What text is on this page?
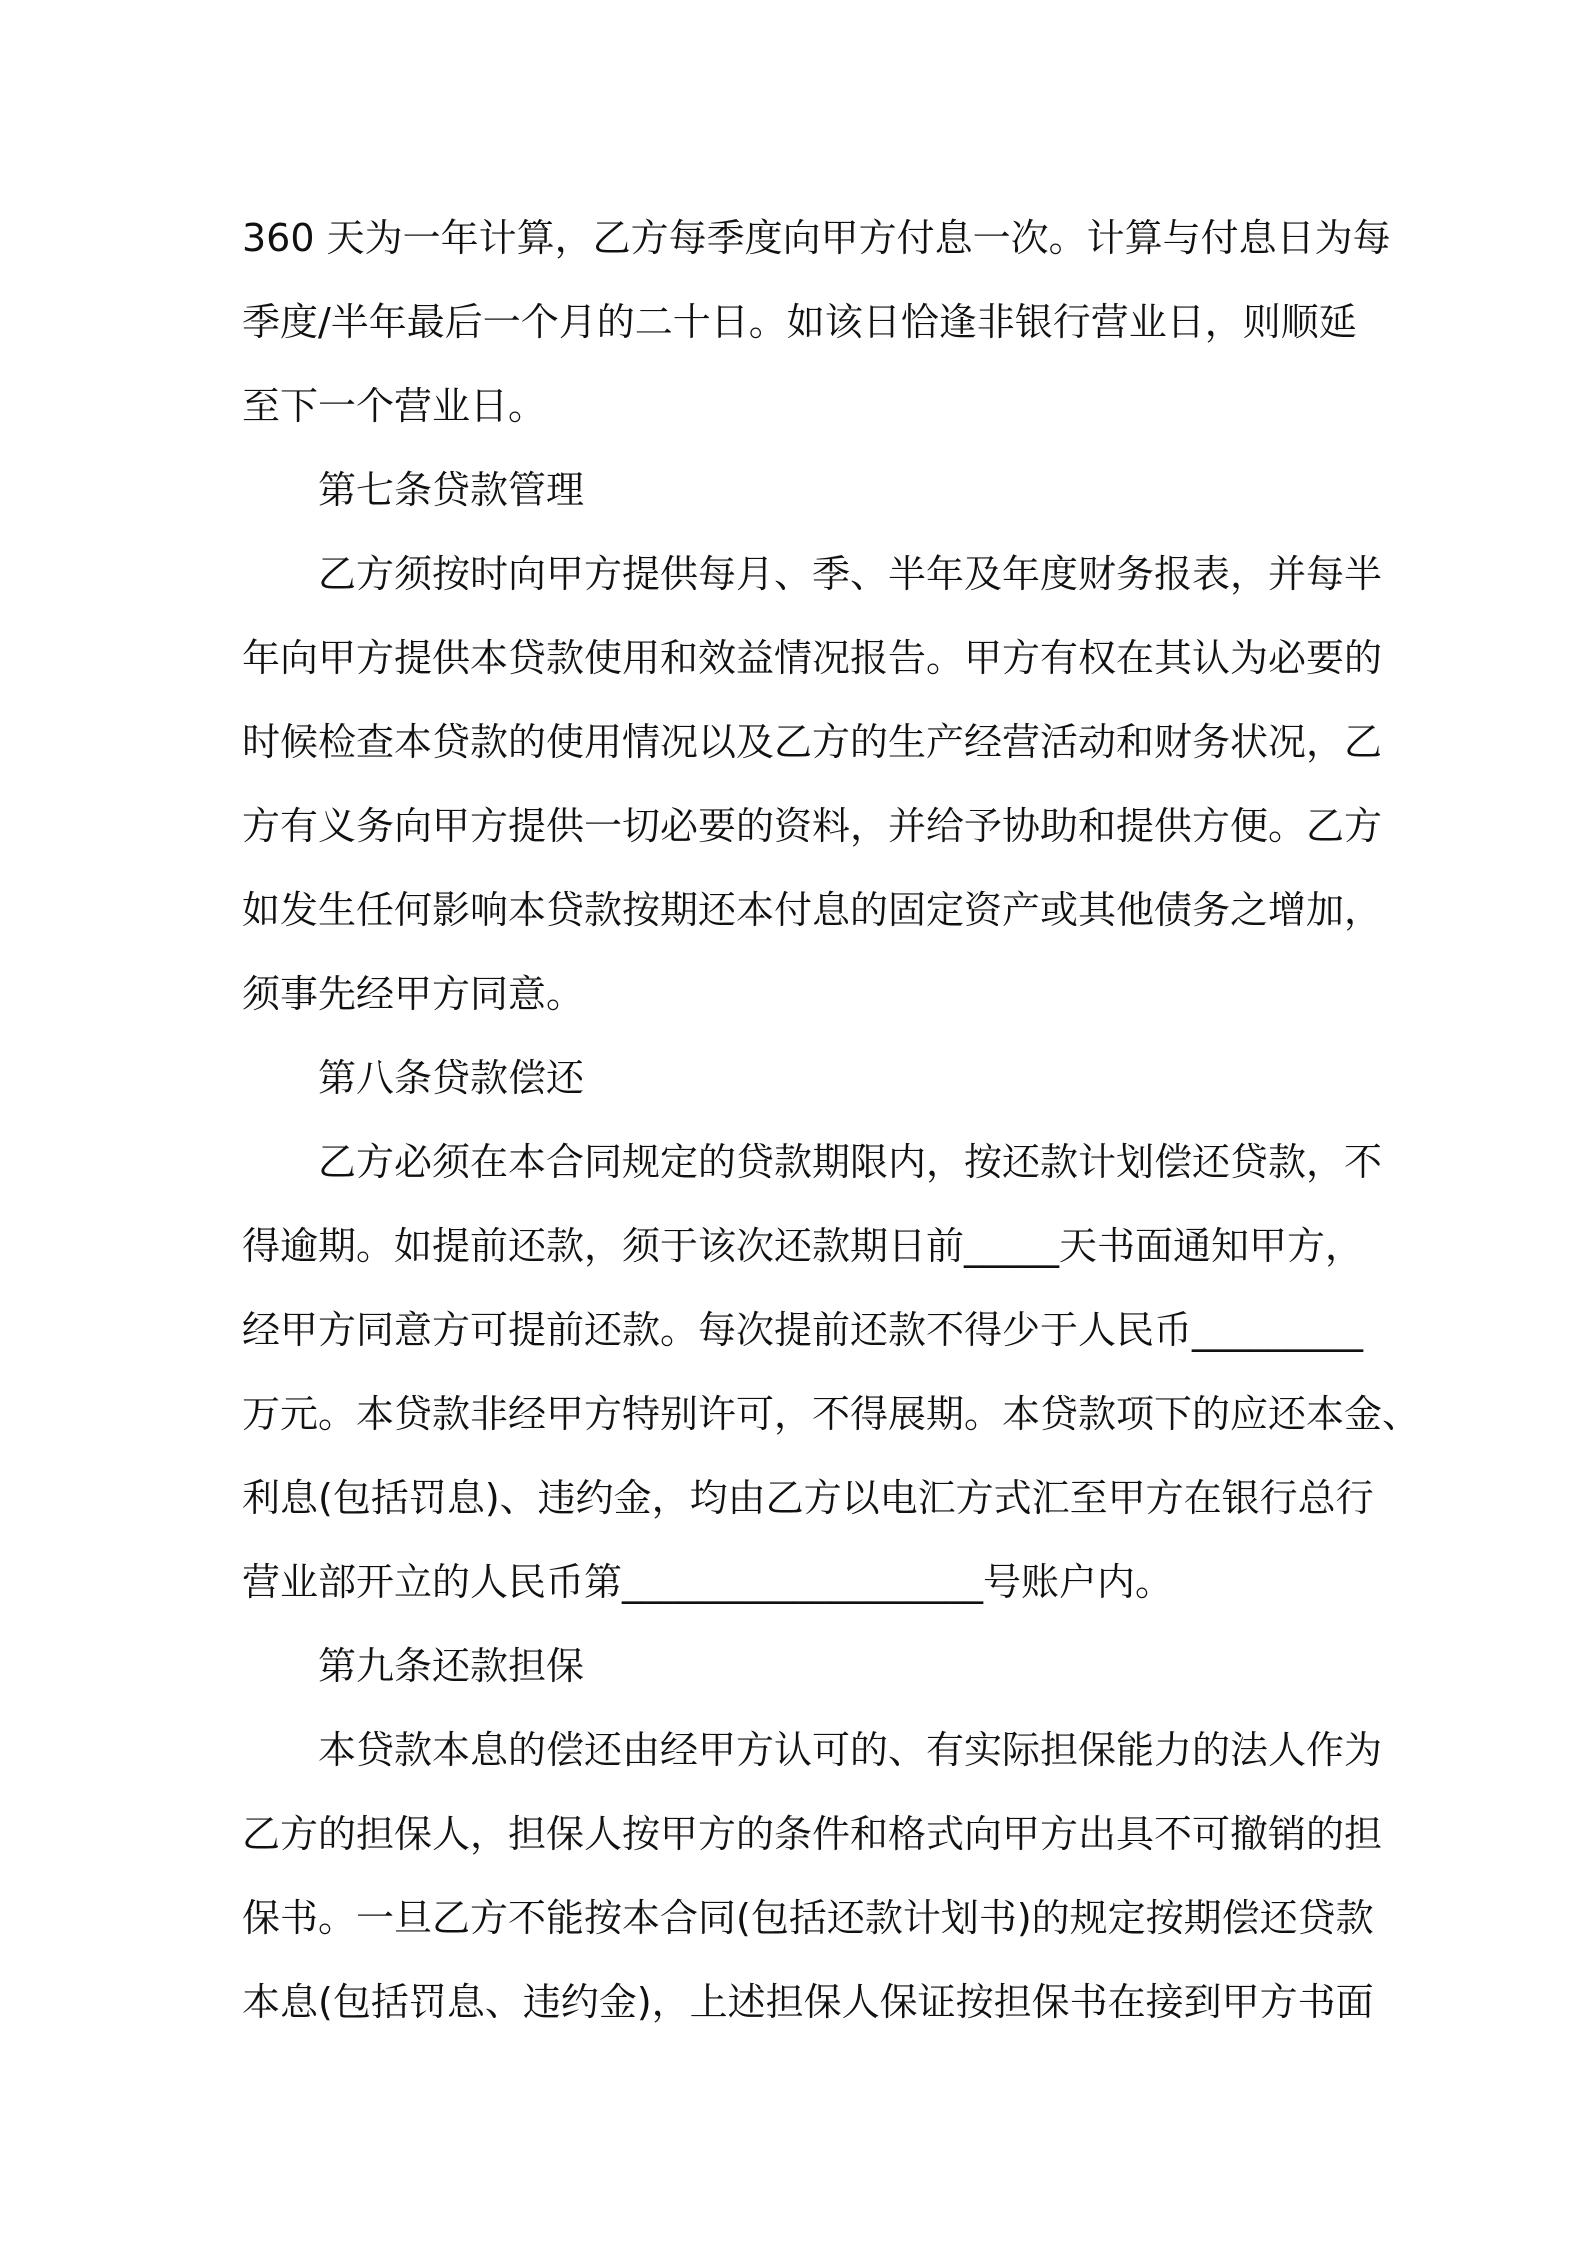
360 天为一年计算，乙方每季度向甲方付息一次。计算与付息日为每
季度/半年最后一个月的二十日。如该日恰逢非银行营业日，则顺延
至下一个营业日。
第七条贷款管理
乙方须按时向甲方提供每月、季、半年及年度财务报表，并每半
年向甲方提供本贷款使用和效益情况报告。甲方有权在其认为必要的
时候检查本贷款的使用情况以及乙方的生产经营活动和财务状况，乙
方有义务向甲方提供一切必要的资料，并给予协助和提供方便。乙方
如发生任何影响本贷款按期还本付息的固定资产或其他债务之增加，
须事先经甲方同意。
第八条贷款偿还
乙方必须在本合同规定的贷款期限内，按还款计划偿还贷款，不
得逾期。如提前还款，须于该次还款期日前_____天书面通知甲方，
经甲方同意方可提前还款。每次提前还款不得少于人民币_________
万元。本贷款非经甲方特别许可，不得展期。本贷款项下的应还本金、
利息(包括罚息)、违约金，均由乙方以电汇方式汇至甲方在银行总行
营业部开立的人民币第___________________号账户内。
第九条还款担保
本贷款本息的偿还由经甲方认可的、有实际担保能力的法人作为
乙方的担保人，担保人按甲方的条件和格式向甲方出具不可撤销的担
保书。一旦乙方不能按本合同(包括还款计划书)的规定按期偿还贷款
本息(包括罚息、违约金)，上述担保人保证按担保书在接到甲方书面
